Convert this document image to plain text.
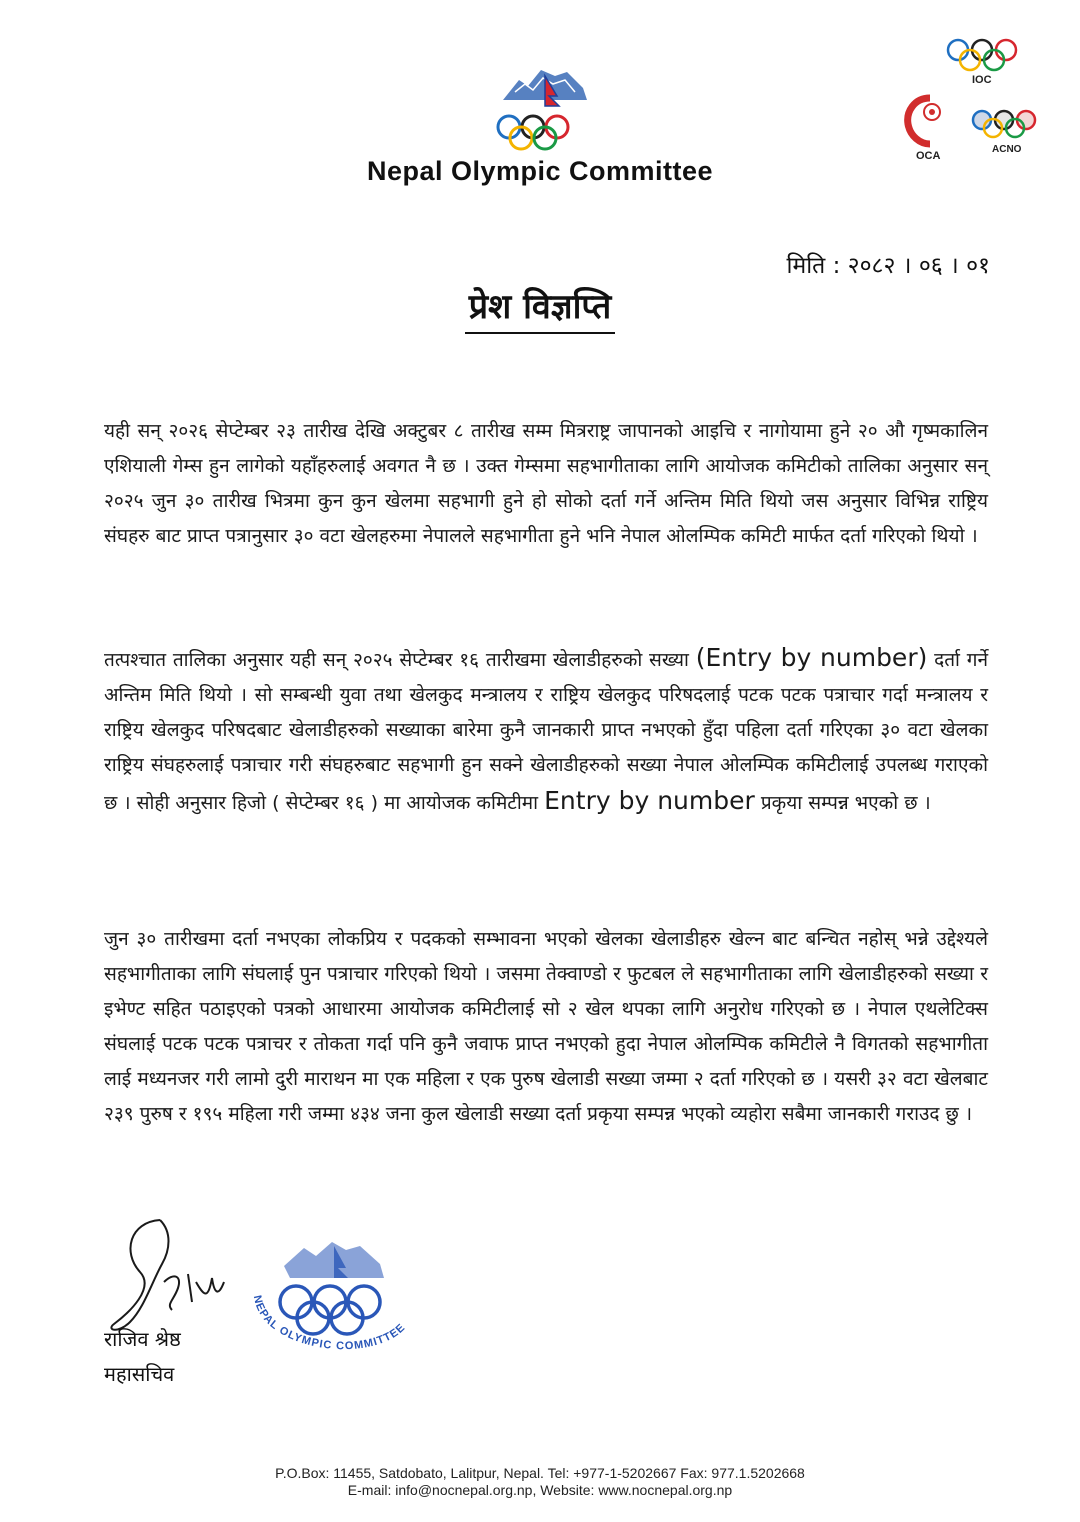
Nepal Olympic Committee
IOC
OCA
ACNO
मिति : २०८२ । ०६ । ०१
प्रेश विज्ञप्ति
यही सन् २०२६ सेप्टेम्बर २३ तारीख देखि अक्टुबर ८ तारीख सम्म मित्रराष्ट्र जापानको आइचि र नागोयामा हुने २० औ गृष्मकालिन एशियाली गेम्स हुन लागेको यहाँहरुलाई अवगत नै छ । उक्त गेम्समा सहभागीताका लागि आयोजक कमिटीको तालिका अनुसार सन् २०२५ जुन ३० तारीख भित्रमा कुन कुन खेलमा सहभागी हुने हो सोको दर्ता गर्ने अन्तिम मिति थियो जस अनुसार विभिन्न राष्ट्रिय संघहरु बाट प्राप्त पत्रानुसार ३० वटा खेलहरुमा नेपालले सहभागीता हुने भनि नेपाल ओलम्पिक कमिटी मार्फत दर्ता गरिएको थियो ।
तत्पश्चात तालिका अनुसार यही सन् २०२५ सेप्टेम्बर १६ तारीखमा खेलाडीहरुको सख्या (Entry by number) दर्ता गर्ने अन्तिम मिति थियो । सो सम्बन्धी युवा तथा खेलकुद मन्त्रालय र राष्ट्रिय खेलकुद परिषदलाई पटक पटक पत्राचार गर्दा मन्त्रालय र राष्ट्रिय खेलकुद परिषदबाट खेलाडीहरुको सख्याका बारेमा कुनै जानकारी प्राप्त नभएको हुँदा पहिला दर्ता गरिएका ३० वटा खेलका राष्ट्रिय संघहरुलाई पत्राचार गरी संघहरुबाट सहभागी हुन सक्ने खेलाडीहरुको सख्या नेपाल ओलम्पिक कमिटीलाई उपलब्ध गराएको छ । सोही अनुसार हिजो ( सेप्टेम्बर १६ ) मा आयोजक कमिटीमा Entry by number प्रकृया सम्पन्न भएको छ ।
जुन ३० तारीखमा दर्ता नभएका लोकप्रिय र पदकको सम्भावना भएको खेलका खेलाडीहरु खेल्न बाट बन्चित नहोस् भन्ने उद्देश्यले सहभागीताका लागि संघलाई पुन पत्राचार गरिएको थियो । जसमा तेक्वाण्डो र फुटबल ले सहभागीताका लागि खेलाडीहरुको सख्या र इभेण्ट सहित पठाइएको पत्रको आधारमा आयोजक कमिटीलाई सो २ खेल थपका लागि अनुरोध गरिएको छ । नेपाल एथलेटिक्स संघलाई पटक पटक पत्राचर र तोकता गर्दा पनि कुनै जवाफ प्राप्त नभएको हुदा नेपाल ओलम्पिक कमिटीले नै विगतको सहभागीता लाई मध्यनजर गरी लामो दुरी माराथन मा एक महिला र एक पुरुष खेलाडी सख्या जम्मा २ दर्ता गरिएको छ । यसरी ३२ वटा खेलबाट २३९ पुरुष र १९५ महिला गरी जम्मा ४३४ जना कुल खेलाडी सख्या दर्ता प्रकृया सम्पन्न भएको व्यहोरा सबैमा जानकारी गराउद छु ।
राजिव श्रेष्ठ
महासचिव
NEPAL OLYMPIC COMMITTEE
P.O.Box: 11455, Satdobato, Lalitpur, Nepal. Tel: +977-1-5202667 Fax: 977.1.5202668
E-mail: info@nocnepal.org.np, Website: www.nocnepal.org.np
